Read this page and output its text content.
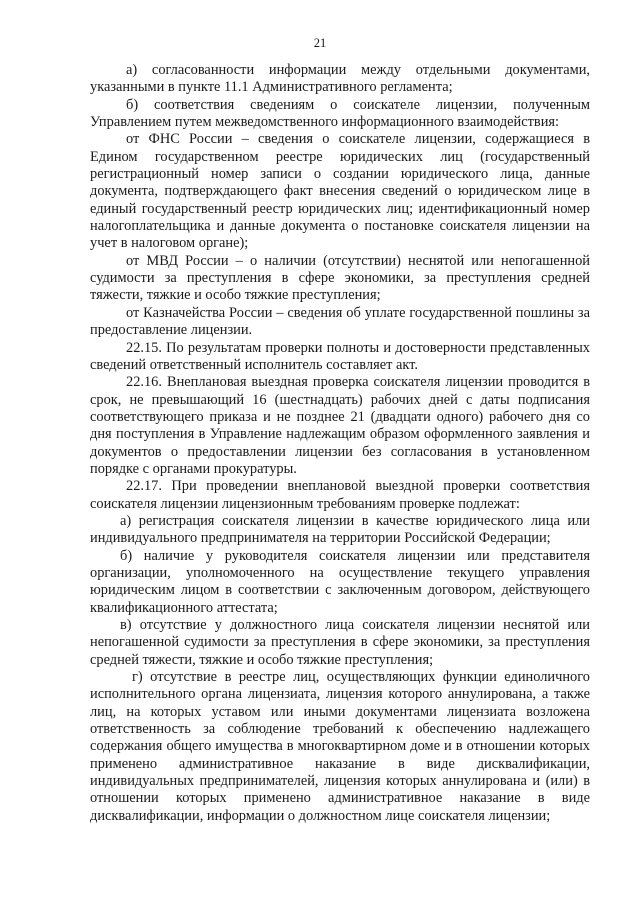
21

а) согласованности информации между отдельными документами, указанными в пункте 11.1 Административного регламента;

б) соответствия сведениям о соискателе лицензии, полученным Управлением путем межведомственного информационного взаимодействия:

от ФНС России – сведения о соискателе лицензии, содержащиеся в Едином государственном реестре юридических лиц (государственный регистрационный номер записи о создании юридического лица, данные документа, подтверждающего факт внесения сведений о юридическом лице в единый государственный реестр юридических лиц; идентификационный номер налогоплательщика и данные документа о постановке соискателя лицензии на учет в налоговом органе);

от МВД России – о наличии (отсутствии) неснятой или непогашенной судимости за преступления в сфере экономики, за преступления средней тяжести, тяжкие и особо тяжкие преступления;

от Казначейства России – сведения об уплате государственной пошлины за предоставление лицензии.

22.15. По результатам проверки полноты и достоверности представленных сведений ответственный исполнитель составляет акт.

22.16. Внеплановая выездная проверка соискателя лицензии проводится в срок, не превышающий 16 (шестнадцать) рабочих дней с даты подписания соответствующего приказа и не позднее 21 (двадцати одного) рабочего дня со дня поступления в Управление надлежащим образом оформленного заявления и документов о предоставлении лицензии без согласования в установленном порядке с органами прокуратуры.

22.17. При проведении внеплановой выездной проверки соответствия соискателя лицензии лицензионным требованиям проверке подлежат:

а) регистрация соискателя лицензии в качестве юридического лица или индивидуального предпринимателя на территории Российской Федерации;

б) наличие у руководителя соискателя лицензии или представителя организации, уполномоченного на осуществление текущего управления юридическим лицом в соответствии с заключенным договором, действующего квалификационного аттестата;

в) отсутствие у должностного лица соискателя лицензии неснятой или непогашенной судимости за преступления в сфере экономики, за преступления средней тяжести, тяжкие и особо тяжкие преступления;

г) отсутствие в реестре лиц, осуществляющих функции единоличного исполнительного органа лицензиата, лицензия которого аннулирована, а также лиц, на которых уставом или иными документами лицензиата возложена ответственность за соблюдение требований к обеспечению надлежащего содержания общего имущества в многоквартирном доме и в отношении которых применено административное наказание в виде дисквалификации, индивидуальных предпринимателей, лицензия которых аннулирована и (или) в отношении которых применено административное наказание в виде дисквалификации, информации о должностном лице соискателя лицензии;
